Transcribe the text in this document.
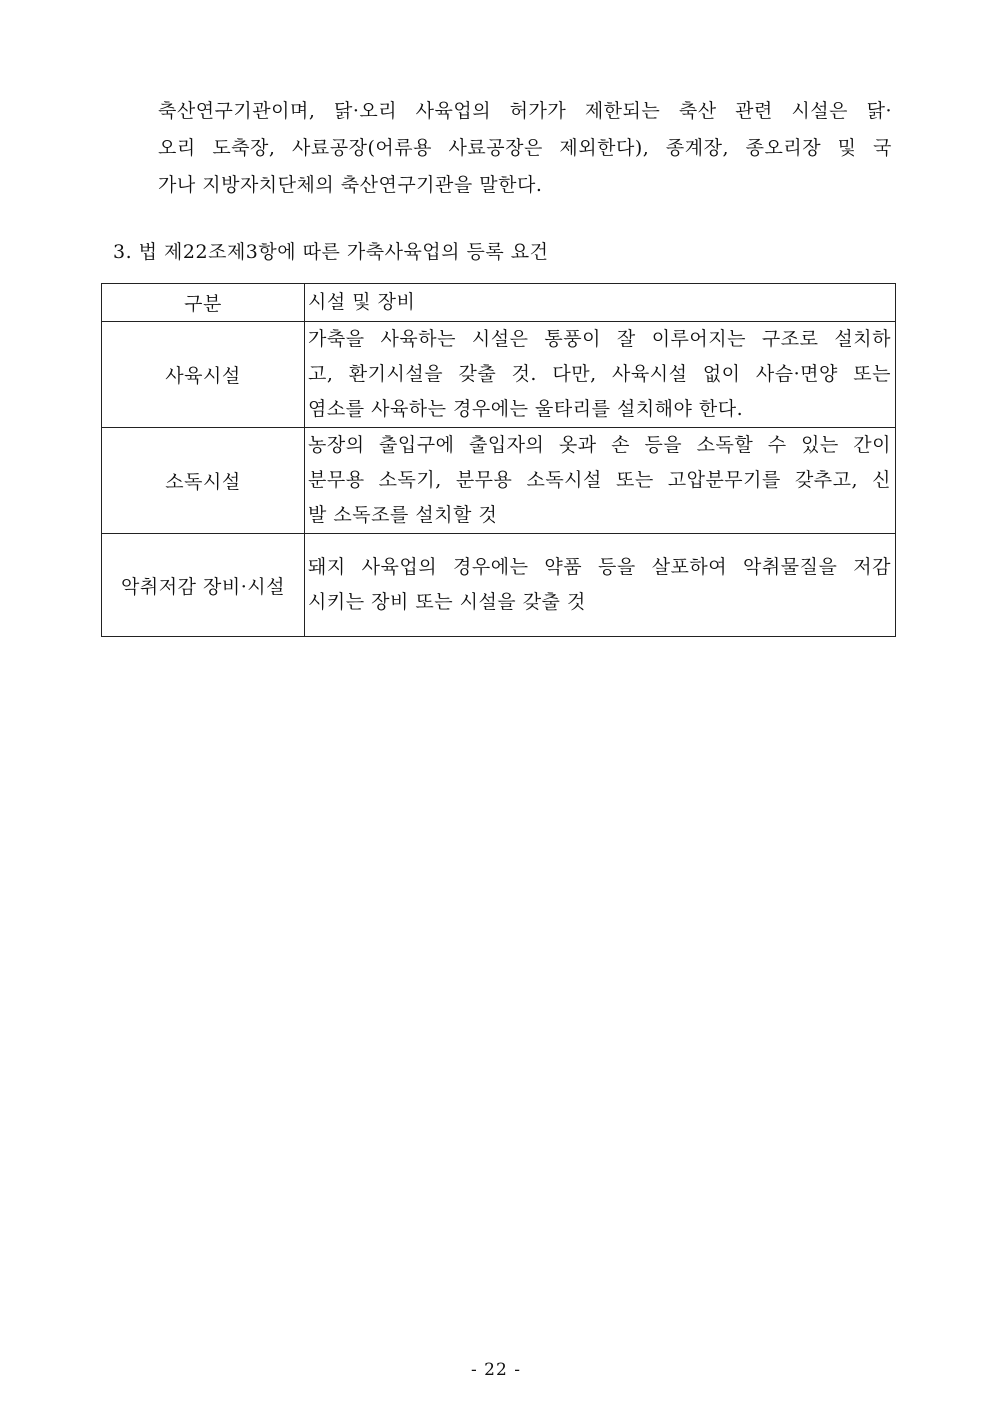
축산연구기관이며, 닭·오리 사육업의 허가가 제한되는 축산 관련 시설은 닭·
오리 도축장, 사료공장(어류용 사료공장은 제외한다), 종계장, 종오리장 및 국
가나 지방자치단체의 축산연구기관을 말한다.
3. 법 제22조제3항에 따른 가축사육업의 등록 요건
구분	시설 및 장비
사육시설	가축을 사육하는 시설은 통풍이 잘 이루어지는 구조로 설치하
고, 환기시설을 갖출 것. 다만, 사육시설 없이 사슴·면양 또는
염소를 사육하는 경우에는 울타리를 설치해야 한다.

소독시설	농장의 출입구에 출입자의 옷과 손 등을 소독할 수 있는 간이
분무용 소독기, 분무용 소독시설 또는 고압분무기를 갖추고, 신
발 소독조를 설치할 것

악취저감 장비·시설	돼지 사육업의 경우에는 약품 등을 살포하여 악취물질을 저감
시키는 장비 또는 시설을 갖출 것
- 22 -
